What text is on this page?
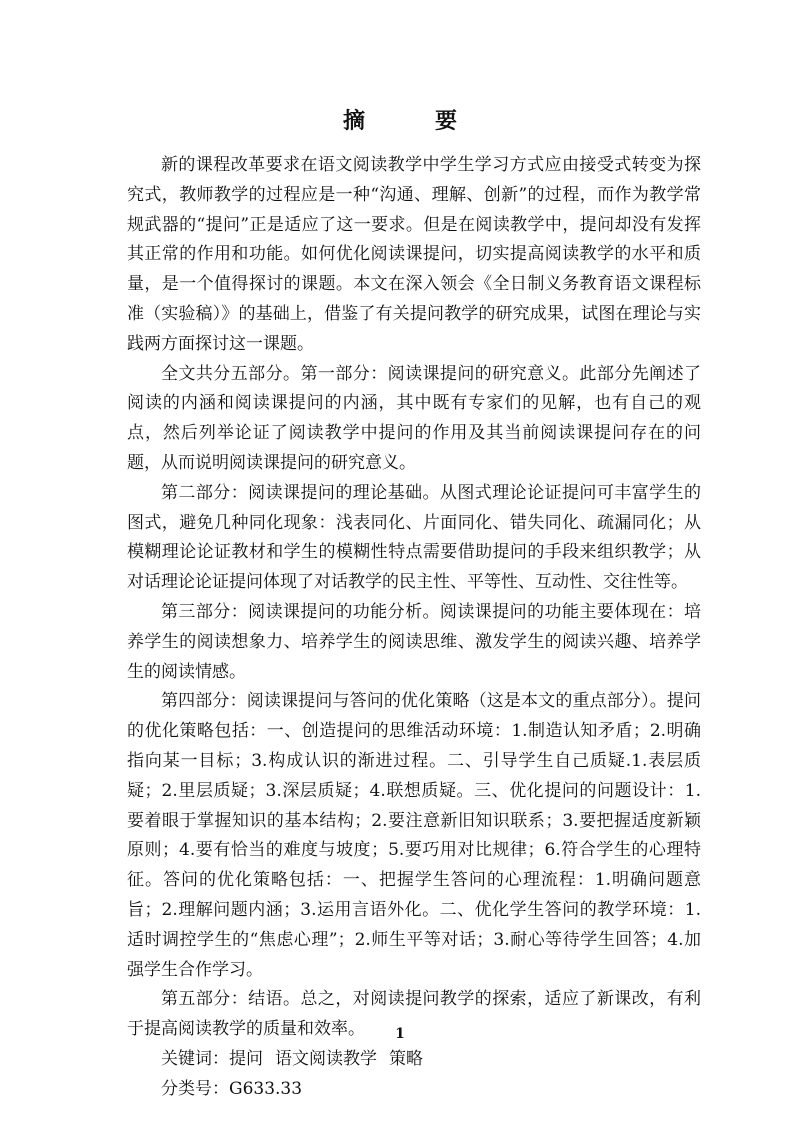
摘　要

新的课程改革要求在语文阅读教学中学生学习方式应由接受式转变为探究式，教师教学的过程应是一种“沟通、理解、创新”的过程，而作为教学常规武器的“提问”正是适应了这一要求。但是在阅读教学中，提问却没有发挥其正常的作用和功能。如何优化阅读课提问，切实提高阅读教学的水平和质量，是一个值得探讨的课题。本文在深入领会《全日制义务教育语文课程标准（实验稿）》的基础上，借鉴了有关提问教学的研究成果，试图在理论与实践两方面探讨这一课题。

全文共分五部分。第一部分：阅读课提问的研究意义。此部分先阐述了阅读的内涵和阅读课提问的内涵，其中既有专家们的见解，也有自己的观点，然后列举论证了阅读教学中提问的作用及其当前阅读课提问存在的问题，从而说明阅读课提问的研究意义。

第二部分：阅读课提问的理论基础。从图式理论论证提问可丰富学生的图式，避免几种同化现象：浅表同化、片面同化、错失同化、疏漏同化；从模糊理论论证教材和学生的模糊性特点需要借助提问的手段来组织教学；从对话理论论证提问体现了对话教学的民主性、平等性、互动性、交往性等。

第三部分：阅读课提问的功能分析。阅读课提问的功能主要体现在：培养学生的阅读想象力、培养学生的阅读思维、激发学生的阅读兴趣、培养学生的阅读情感。

第四部分：阅读课提问与答问的优化策略（这是本文的重点部分）。提问的优化策略包括：一、创造提问的思维活动环境：1.制造认知矛盾；2.明确指向某一目标；3.构成认识的渐进过程。二、引导学生自己质疑.1.表层质疑；2.里层质疑；3.深层质疑；4.联想质疑。三、优化提问的问题设计：1.要着眼于掌握知识的基本结构；2.要注意新旧知识联系；3.要把握适度新颖原则；4.要有恰当的难度与坡度；5.要巧用对比规律；6.符合学生的心理特征。答问的优化策略包括：一、把握学生答问的心理流程：1.明确问题意旨；2.理解问题内涵；3.运用言语外化。二、优化学生答问的教学环境：1.适时调控学生的“焦虑心理”；2.师生平等对话；3.耐心等待学生回答；4.加强学生合作学习。

第五部分：结语。总之，对阅读提问教学的探索，适应了新课改，有利于提高阅读教学的质量和效率。

关键词：提问 语文阅读教学 策略
分类号：G633.33
1
